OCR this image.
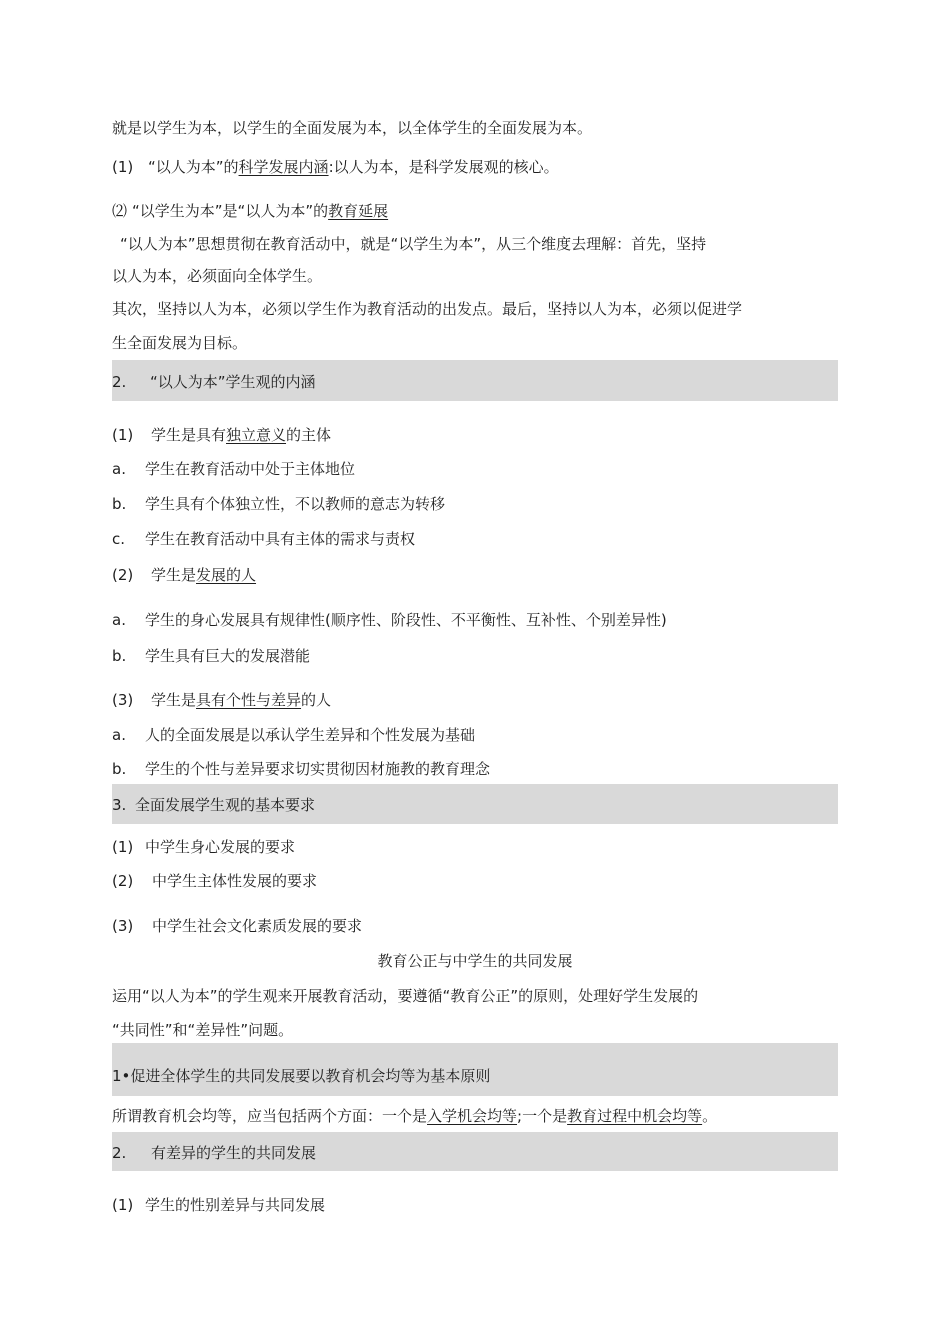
就是以学生为本，以学生的全面发展为本，以全体学生的全面发展为本。
(1) “以人为本”的科学发展内涵:以人为本，是科学发展观的核心。
⑵ “以学生为本”是“以人为本”的教育延展
“以人为本”思想贯彻在教育活动中，就是“以学生为本”，从三个维度去理解：首先，坚持
以人为本，必须面向全体学生。
其次，坚持以人为本，必须以学生作为教育活动的出发点。最后，坚持以人为本，必须以促进学
生全面发展为目标。
2. “以人为本”学生观的内涵
(1) 学生是具有独立意义的主体
a. 学生在教育活动中处于主体地位
b. 学生具有个体独立性，不以教师的意志为转移
c. 学生在教育活动中具有主体的需求与责权
(2) 学生是发展的人
a. 学生的身心发展具有规律性(顺序性、阶段性、不平衡性、互补性、个别差异性)
b. 学生具有巨大的发展潜能
(3) 学生是具有个性与差异的人
a. 人的全面发展是以承认学生差异和个性发展为基础
b. 学生的个性与差异要求切实贯彻因材施教的教育理念
3. 全面发展学生观的基本要求
(1) 中学生身心发展的要求
(2) 中学生主体性发展的要求
(3) 中学生社会文化素质发展的要求
教育公正与中学生的共同发展
运用“以人为本”的学生观来开展教育活动，要遵循“教育公正”的原则，处理好学生发展的
“共同性”和“差异性”问题。
1•促进全体学生的共同发展要以教育机会均等为基本原则
所谓教育机会均等，应当包括两个方面：一个是入学机会均等;一个是教育过程中机会均等。
2. 有差异的学生的共同发展
(1) 学生的性别差异与共同发展
